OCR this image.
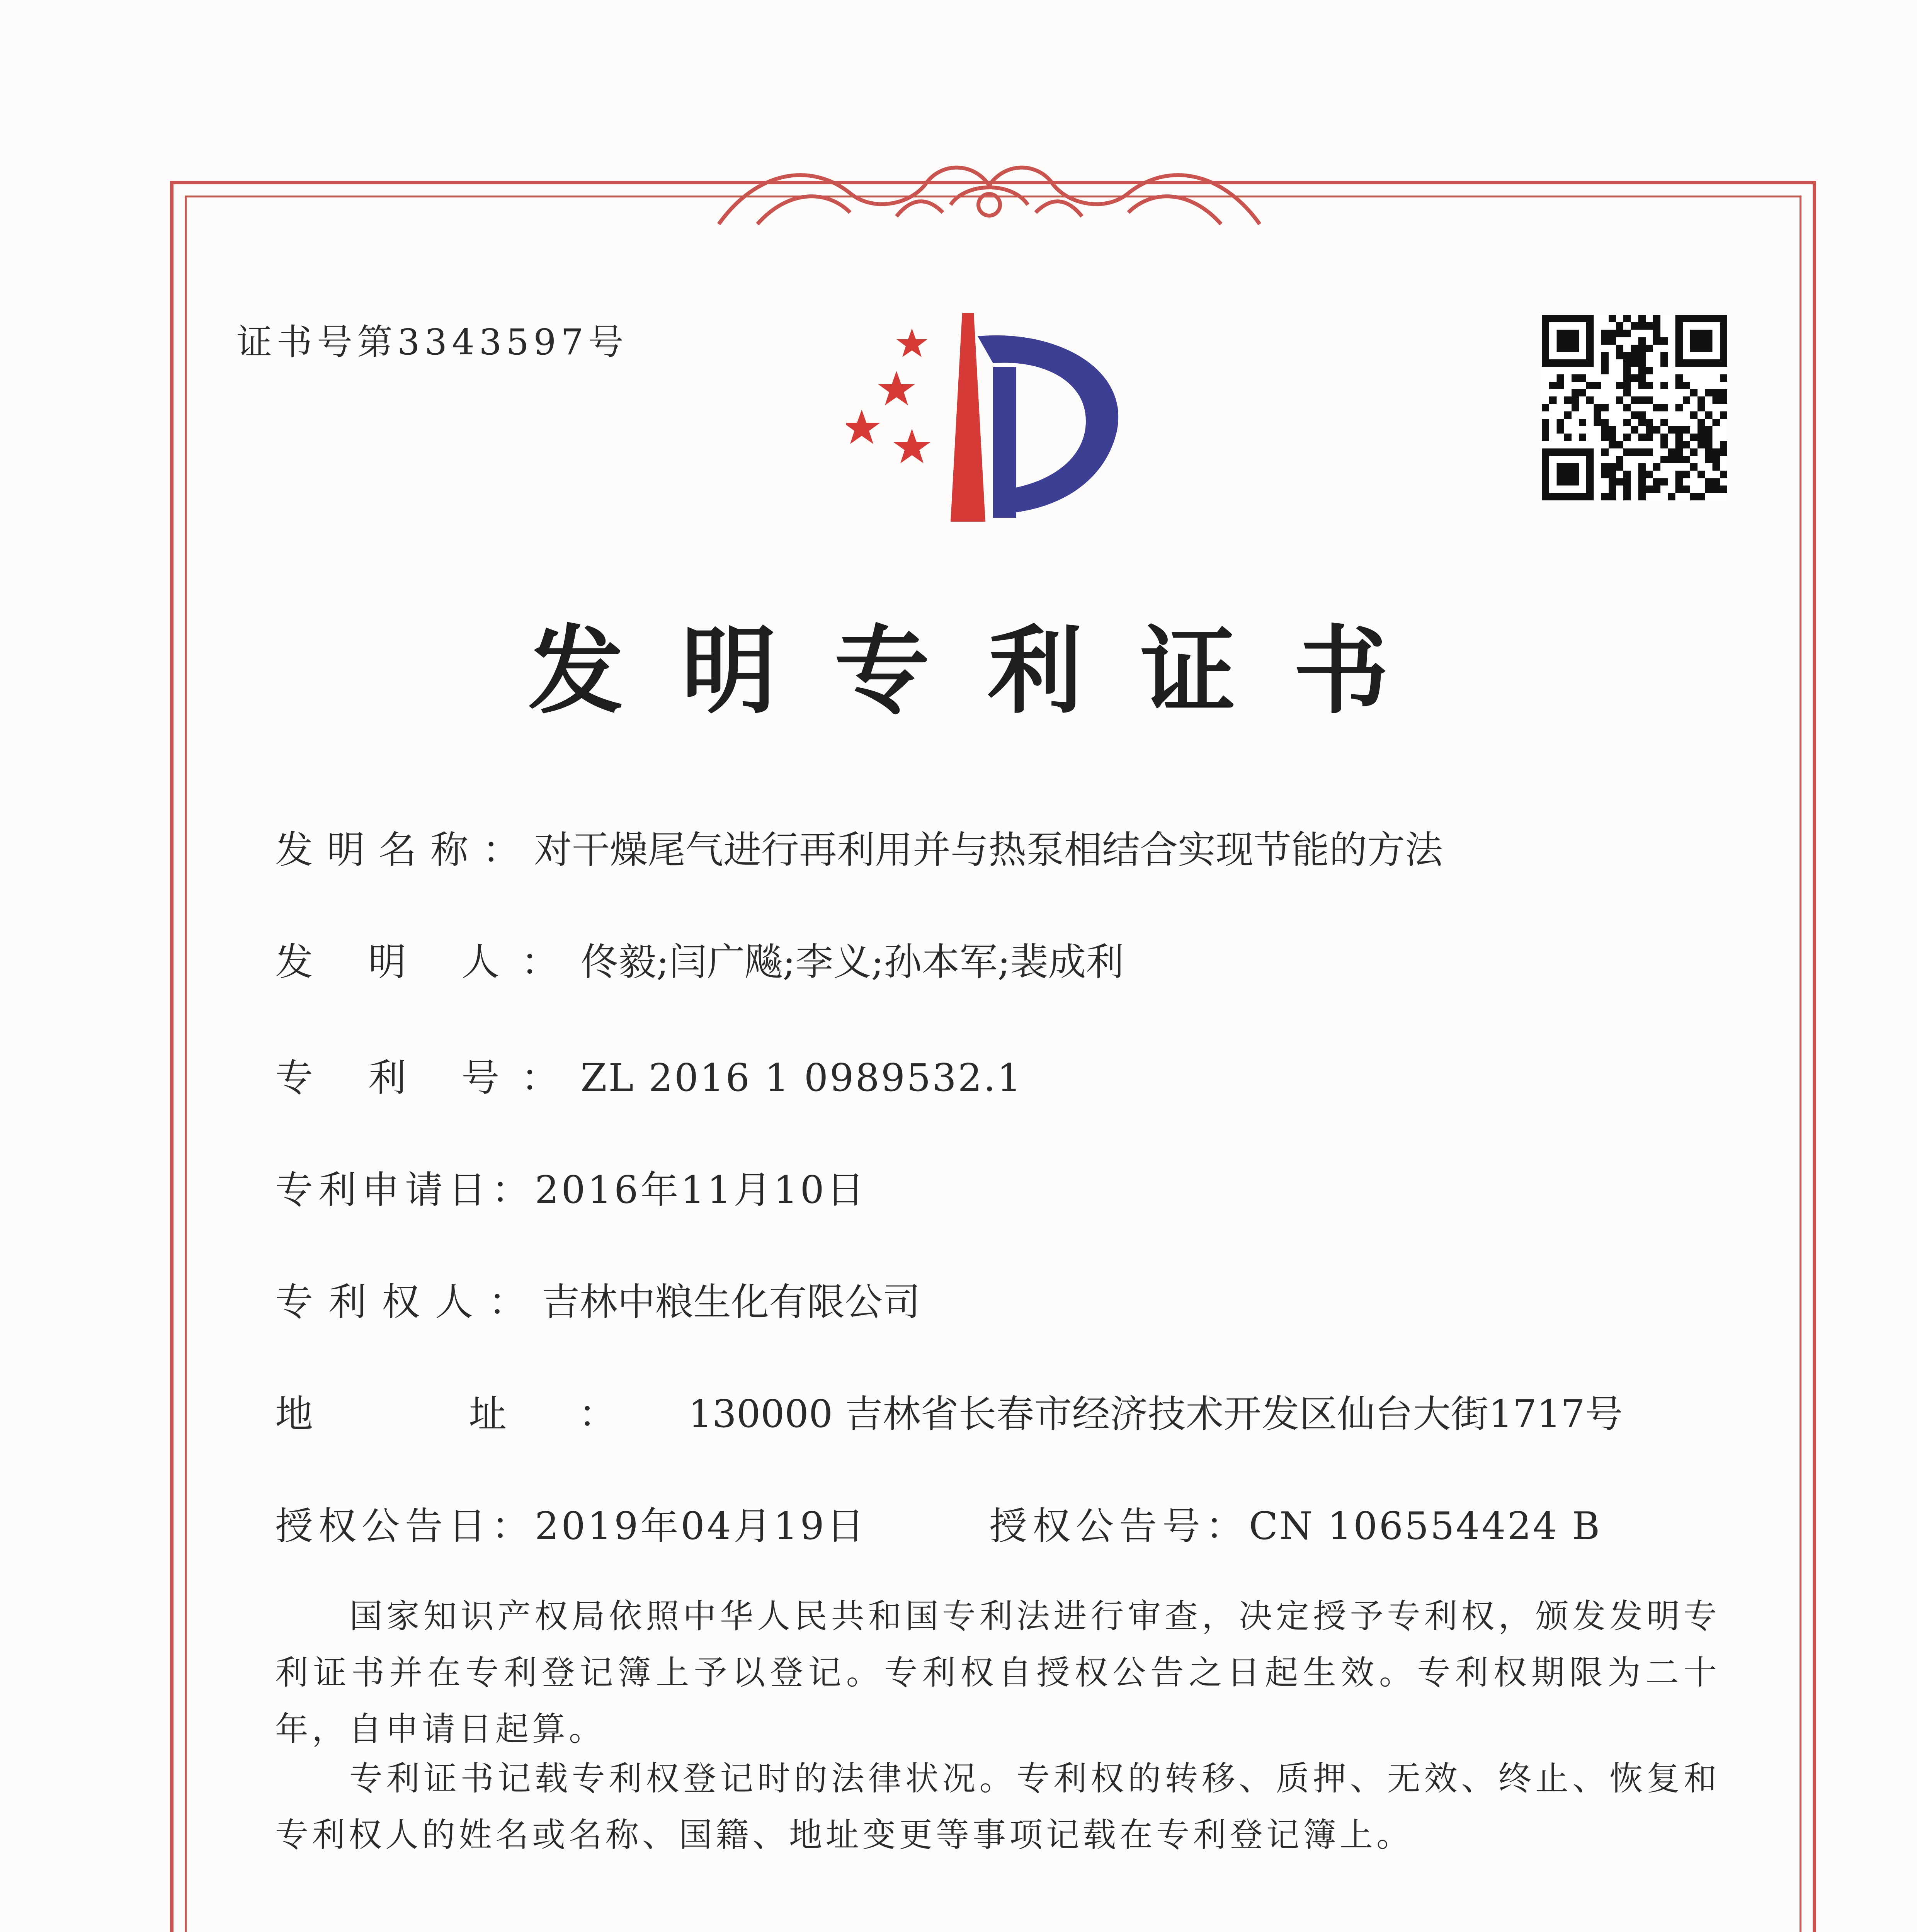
证书号第3343597号
发明专利证书
发明名称：对干燥尾气进行再利用并与热泵相结合实现节能的方法
发 明 人：佟毅;闫广飚;李义;孙本军;裴成利
专 利 号：ZL 2016 1 0989532.1
专利申请日：2016年11月10日
专利权人：吉林中粮生化有限公司
地 址：130000 吉林省长春市经济技术开发区仙台大街1717号
授权公告日：2019年04月19日	授权公告号：CN 106554424 B
国家知识产权局依照中华人民共和国专利法进行审查，决定授予专利权，颁发发明专利证书并在专利登记簿上予以登记。专利权自授权公告之日起生效。专利权期限为二十年，自申请日起算。
专利证书记载专利权登记时的法律状况。专利权的转移、质押、无效、终止、恢复和专利权人的姓名或名称、国籍、地址变更等事项记载在专利登记簿上。
